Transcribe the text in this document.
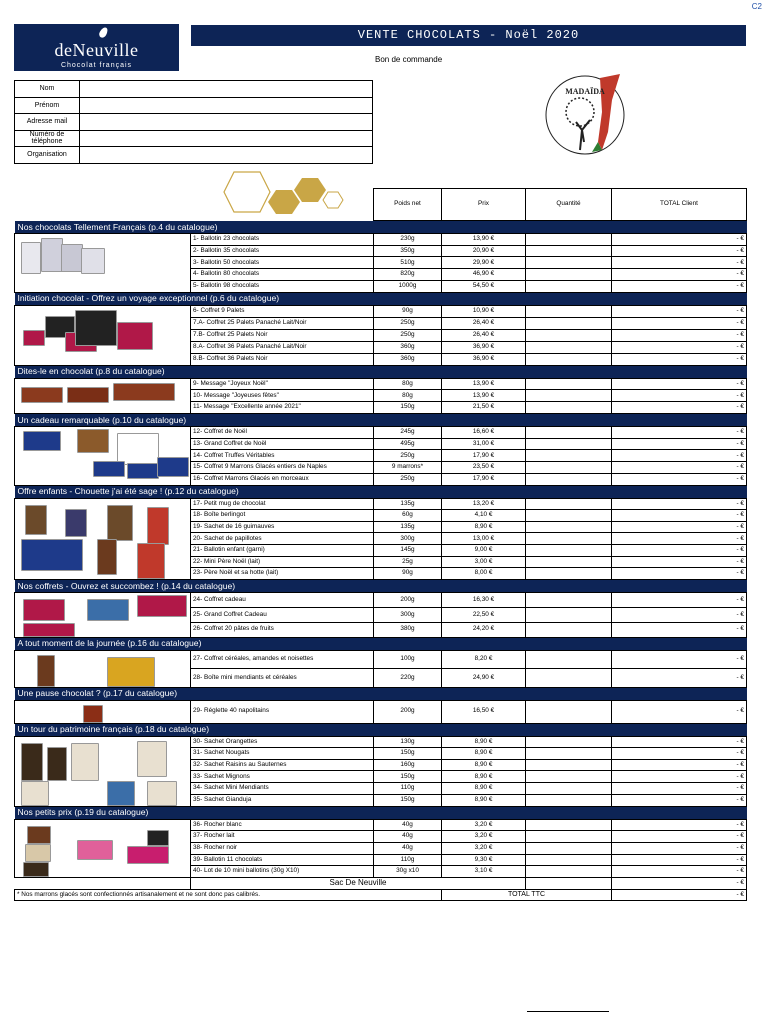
C2
deNeuville
Chocolat français
VENTE CHOCOLATS - Noël 2020
Bon de commande
Nom	
Prénom	
Adresse mail	
Numéro de téléphone	
Organisation	
MADAÏDA
		Poids net	Prix	Quantité	TOTAL Client
Nos chocolats Tellement Français (p.4 du catalogue)					

	1- Ballotin 23 chocolats	230g	13,90 €		- €
	2- Ballotin 35 chocolats	350g	20,90 €		- €
	3- Ballotin 50 chocolats	510g	29,90 €		- €
	4- Ballotin 80 chocolats	820g	46,90 €		- €
	5- Ballotin 98 chocolats	1000g	54,50 €		- €
Initiation chocolat - Offrez un voyage exceptionnel (p.6 du catalogue)					

	6- Coffret 9 Palets	90g	10,90 €		- €
	7.A- Coffret 25 Palets Panaché Lait/Noir	250g	26,40 €		- €
	7.B- Coffret 25 Palets Noir	250g	26,40 €		- €
	8.A- Coffret 36 Palets Panaché Lait/Noir	360g	36,90 €		- €
	8.B- Coffret 36 Palets Noir	360g	36,90 €		- €
Dites-le en chocolat (p.8 du catalogue)					

	9- Message "Joyeux Noël"	80g	13,90 €		- €
	10- Message "Joyeuses fêtes"	80g	13,90 €		- €
	11- Message "Excellente année 2021"	150g	21,50 €		- €
Un cadeau remarquable (p.10 du catalogue)					

	12- Coffret de Noël	245g	16,60 €		- €
	13- Grand Coffret de Noël	495g	31,00 €		- €
	14- Coffret Truffes Véritables	250g	17,90 €		- €
	15- Coffret 9 Marrons Glacés entiers de Naples	9 marrons*	23,50 €		- €
	16- Coffret Marrons Glacés en morceaux	250g	17,90 €		- €
Offre enfants - Chouette j'ai été sage ! (p.12 du catalogue)					

	17- Petit mug de chocolat	135g	13,20 €		- €
	18- Boîte berlingot	60g	4,10 €		- €
	19- Sachet de 16 guimauves	135g	8,90 €		- €
	20- Sachet de papillotes	300g	13,00 €		- €
	21- Ballotin enfant (garni)	145g	9,00 €		- €
	22- Mini Père Noël (lait)	25g	3,00 €		- €
	23- Père Noël et sa hotte (lait)	90g	8,00 €		- €
Nos coffrets - Ouvrez et succombez ! (p.14 du catalogue)					

	24- Coffret cadeau	200g	16,30 €		- €
	25- Grand Coffret Cadeau	300g	22,50 €		- €
	26- Coffret 20 pâtes de fruits	380g	24,20 €		- €
A tout moment de la journée (p.16 du catalogue)					

	27- Coffret céréales, amandes et noisettes	100g	8,20 €		- €
	28- Boîte mini mendiants et céréales	220g	24,90 €		- €
Une pause chocolat ? (p.17 du catalogue)					

	29- Réglette 40 napolitains	200g	16,50 €		- €
Un tour du patrimoine français (p.18 du catalogue)					

	30- Sachet Orangettes	130g	8,90 €		- €
	31- Sachet Nougats	150g	8,90 €		- €
	32- Sachet Raisins au Sauternes	160g	8,90 €		- €
	33- Sachet Mignons	150g	8,90 €		- €
	34- Sachet Mini Mendiants	110g	8,90 €		- €
	35- Sachet Gianduja	150g	8,90 €		- €
Nos petits prix (p.19 du catalogue)					

	36- Rocher blanc	40g	3,20 €		- €
	37- Rocher lait	40g	3,20 €		- €
	38- Rocher noir	40g	3,20 €		- €
	39- Ballotin 11 chocolats	110g	9,30 €		- €
	40- Lot de 10 mini ballotins (30g X10)	30g x10	3,10 €		- €
	Sac De Neuville				- €
* Nos marrons glacés sont confectionnés artisanalement et ne sont donc pas calibrés.			TOTAL TTC		- €
